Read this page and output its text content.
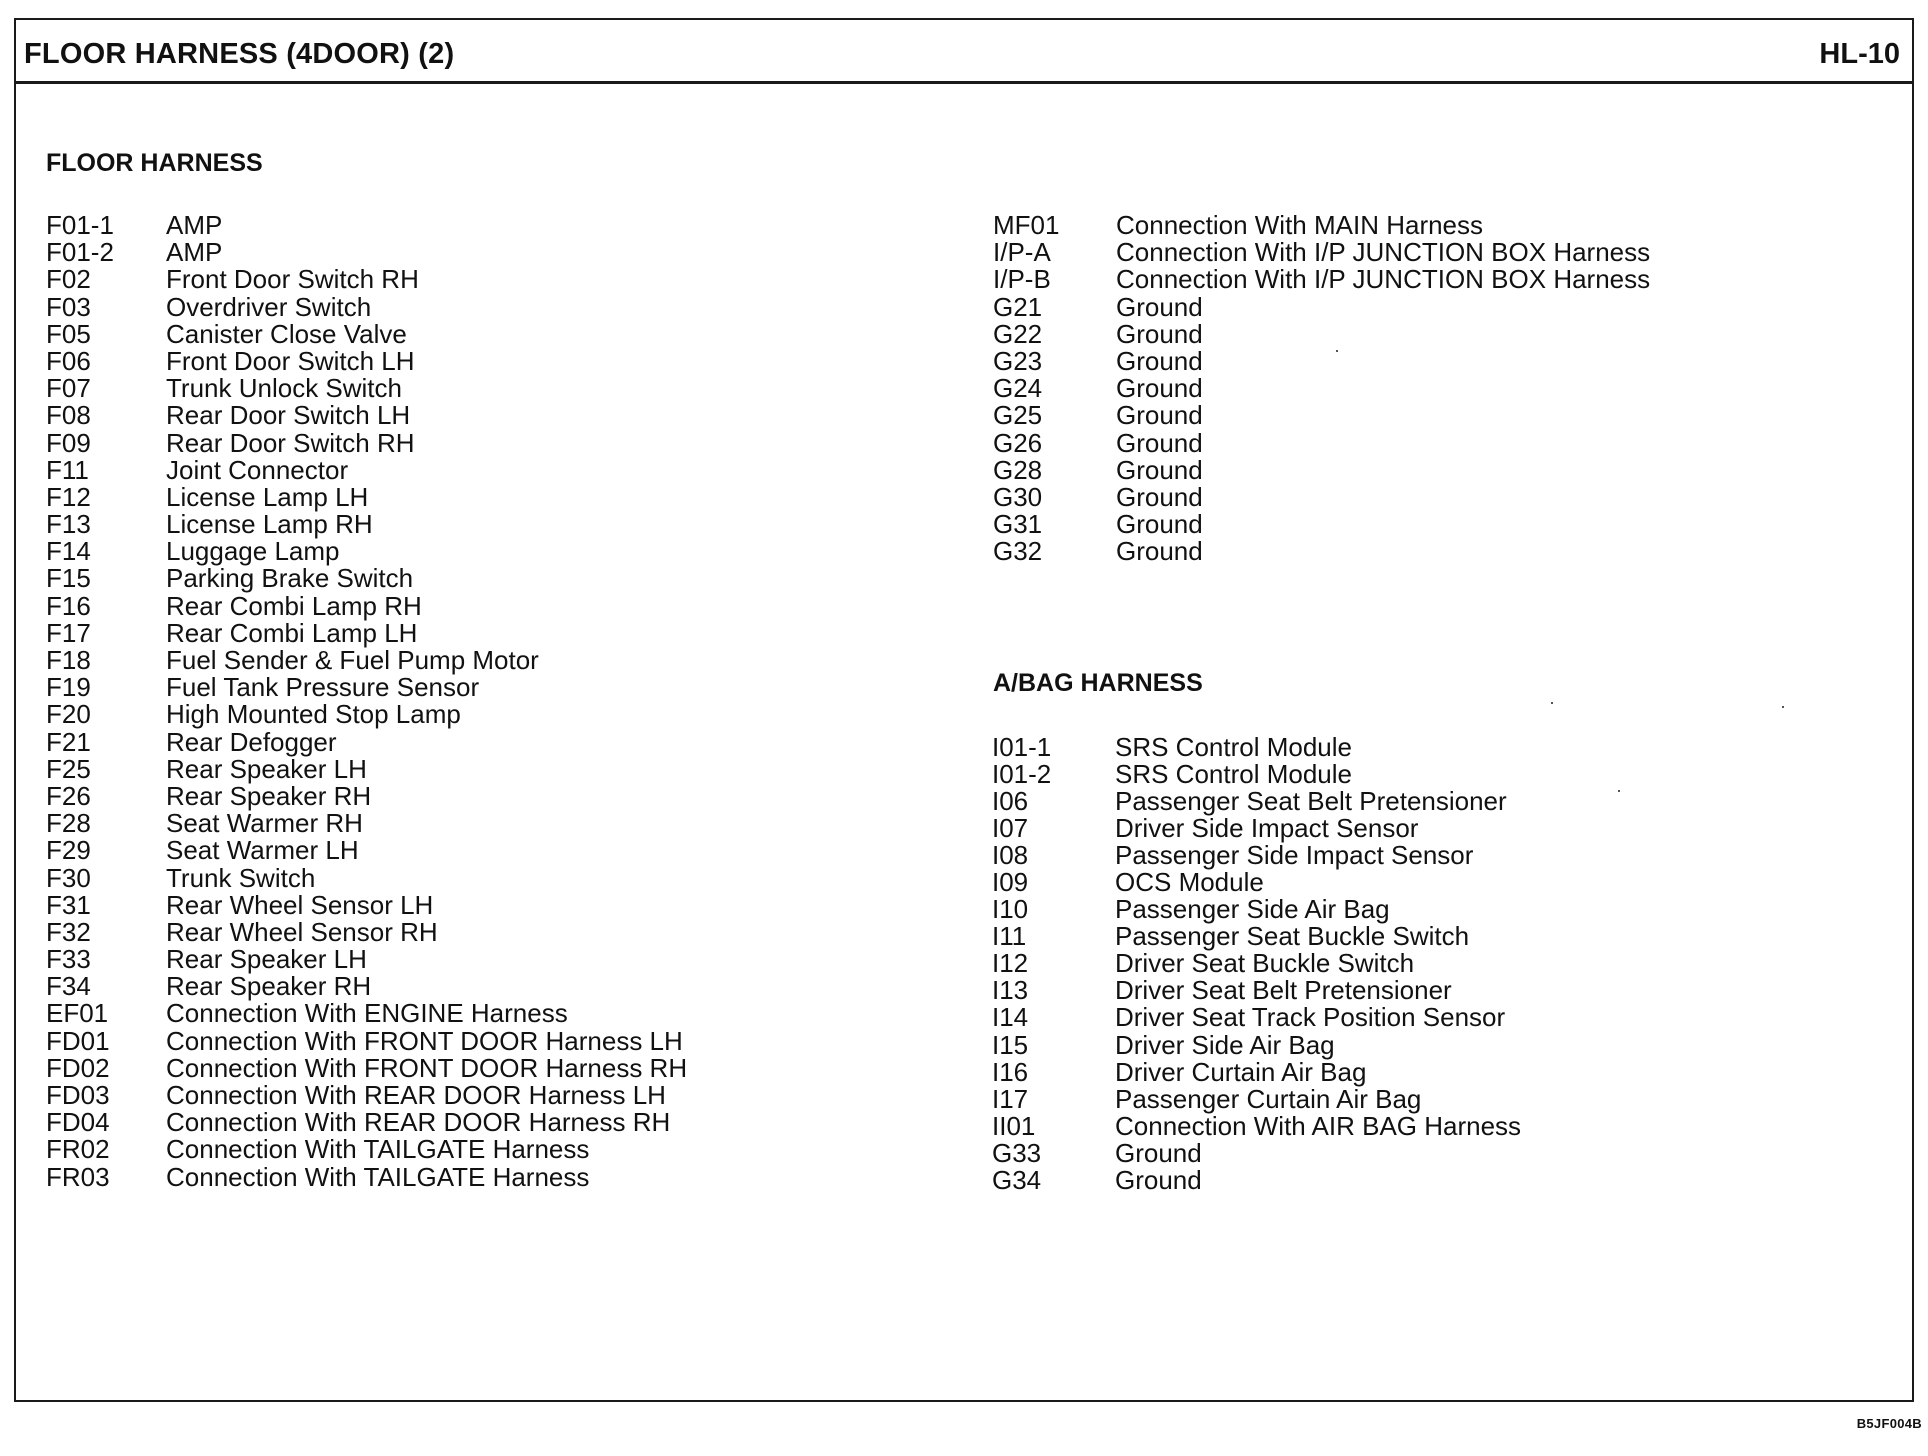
FLOOR HARNESS (4DOOR) (2)	HL-10
FLOOR HARNESS
F01-1 AMP
F01-2 AMP
F02	Front Door Switch RH
F03	Overdriver Switch
F05	Canister Close Valve
F06	Front Door Switch LH
F07	Trunk Unlock Switch
F08	Rear Door Switch LH
F09	Rear Door Switch RH
F11	Joint Connector
F12	License Lamp LH
F13	License Lamp RH
F14	Luggage Lamp
F15	Parking Brake Switch
F16	Rear Combi Lamp RH
F17	Rear Combi Lamp LH
F18	Fuel Sender & Fuel Pump Motor
F19	Fuel Tank Pressure Sensor
F20	High Mounted Stop Lamp
F21	Rear Defogger
F25	Rear Speaker LH
F26	Rear Speaker RH
F28	Seat Warmer RH
F29	Seat Warmer LH
F30	Trunk Switch
F31	Rear Wheel Sensor LH
F32	Rear Wheel Sensor RH
F33	Rear Speaker LH
F34	Rear Speaker RH
EF01 Connection With ENGINE Harness
FD01 Connection With FRONT DOOR Harness LH
FD02 Connection With FRONT DOOR Harness RH
FD03 Connection With REAR DOOR Harness LH
FD04 Connection With REAR DOOR Harness RH
FR02 Connection With TAILGATE Harness
FR03 Connection With TAILGATE Harness
MF01 Connection With MAIN Harness
I/P-A	Connection With I/P JUNCTION BOX Harness
I/P-B	Connection With I/P JUNCTION BOX Harness
G21	Ground
G22	Ground
G23	Ground
G24	Ground
G25	Ground
G26	Ground
G28	Ground
G30	Ground
G31	Ground
G32	Ground
A/BAG HARNESS
I01-1 SRS Control Module
I01-2 SRS Control Module
I06	Passenger Seat Belt Pretensioner
I07	Driver Side Impact Sensor
I08	Passenger Side Impact Sensor
I09	OCS Module
I10	Passenger Side Air Bag
I11	Passenger Seat Buckle Switch
I12	Driver Seat Buckle Switch
I13	Driver Seat Belt Pretensioner
I14	Driver Seat Track Position Sensor
I15	Driver Side Air Bag
I16	Driver Curtain Air Bag
I17	Passenger Curtain Air Bag
II01	Connection With AIR BAG Harness
G33	Ground
G34	Ground
B5JF004B
